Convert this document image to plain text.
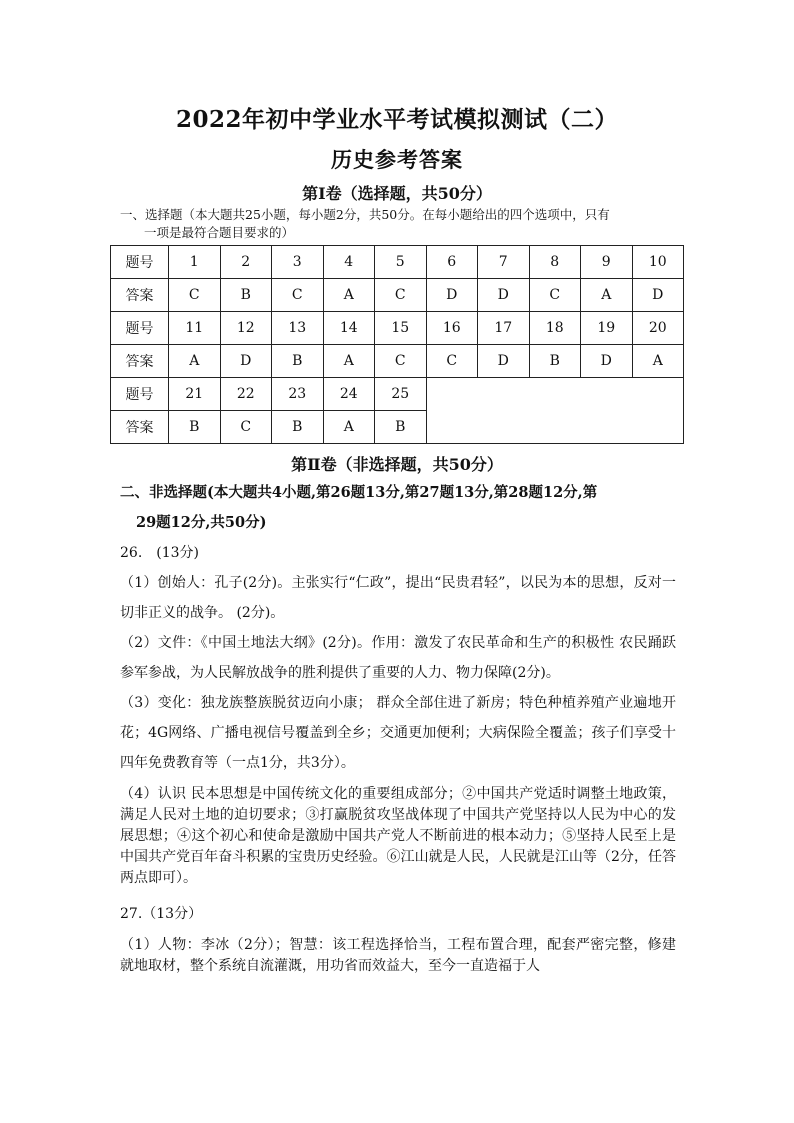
2022年初中学业水平考试模拟测试（二）
历史参考答案
第Ⅰ卷（选择题，共50分）
一、选择题（本大题共25小题，每小题2分，共50分。在每小题给出的四个选项中，只有
一项是最符合题目要求的）
题号	1	2	3	4	5	6	7	8	9	10
答案	C	B	C	A	C	D	D	C	A	D
题号	11	12	13	14	15	16	17	18	19	20
答案	A	D	B	A	C	C	D	B	D	A
题号	21	22	23	24	25					
答案	B	C	B	A	B					
第Ⅱ卷（非选择题，共50分）
二、非选择题(本大题共4小题,第26题13分,第27题13分,第28题12分,第
29题12分,共50分)

26.　(13分)

（1）创始人：孔子(2分)。主张实行“仁政”，提出“民贵君轻”，以民为本的思想，反对一切非正义的战争。 (2分)。

（2）文件：《中国土地法大纲》(2分)。作用：激发了农民革命和生产的积极性 农民踊跃参军参战，为人民解放战争的胜利提供了重要的人力、物力保障(2分)。

（3）变化：独龙族整族脱贫迈向小康； 群众全部住进了新房；特色种植养殖产业遍地开花；4G网络、广播电视信号覆盖到全乡；交通更加便利；大病保险全覆盖；孩子们享受十四年免费教育等（一点1分，共3分）。

（4）认识 民本思想是中国传统文化的重要组成部分；②中国共产党适时调整土地政策，满足人民对土地的迫切要求；③打赢脱贫攻坚战体现了中国共产党坚持以人民为中心的发展思想；④这个初心和使命是激励中国共产党人不断前进的根本动力；⑤坚持人民至上是中国共产党百年奋斗积累的宝贵历史经验。⑥江山就是人民，人民就是江山等（2分，任答两点即可）。

27.（13分）

（1）人物：李冰（2分）；智慧：该工程选择恰当，工程布置合理，配套严密完整，修建就地取材，整个系统自流灌溉，用功省而效益大，至今一直造福于人
